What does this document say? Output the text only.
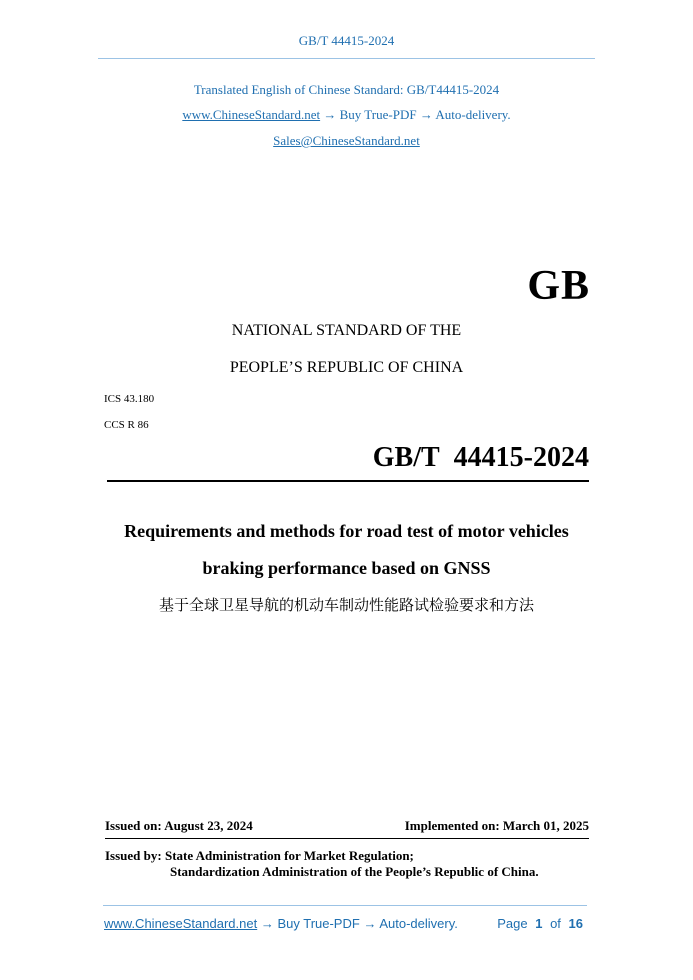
GB/T 44415-2024
Translated English of Chinese Standard: GB/T44415-2024
www.ChineseStandard.net → Buy True-PDF → Auto-delivery.
Sales@ChineseStandard.net
GB
NATIONAL STANDARD OF THE
PEOPLE’S REPUBLIC OF CHINA
ICS 43.180
CCS R 86
GB/T 44415-2024
Requirements and methods for road test of motor vehicles
braking performance based on GNSS
基于全球卫星导航的机动车制动性能路试检验要求和方法
Issued on: August 23, 2024	Implemented on: March 01, 2025
Issued by: State Administration for Market Regulation;
Standardization Administration of the People’s Republic of China.
www.ChineseStandard.net → Buy True-PDF → Auto-delivery.	Page 1 of 16
